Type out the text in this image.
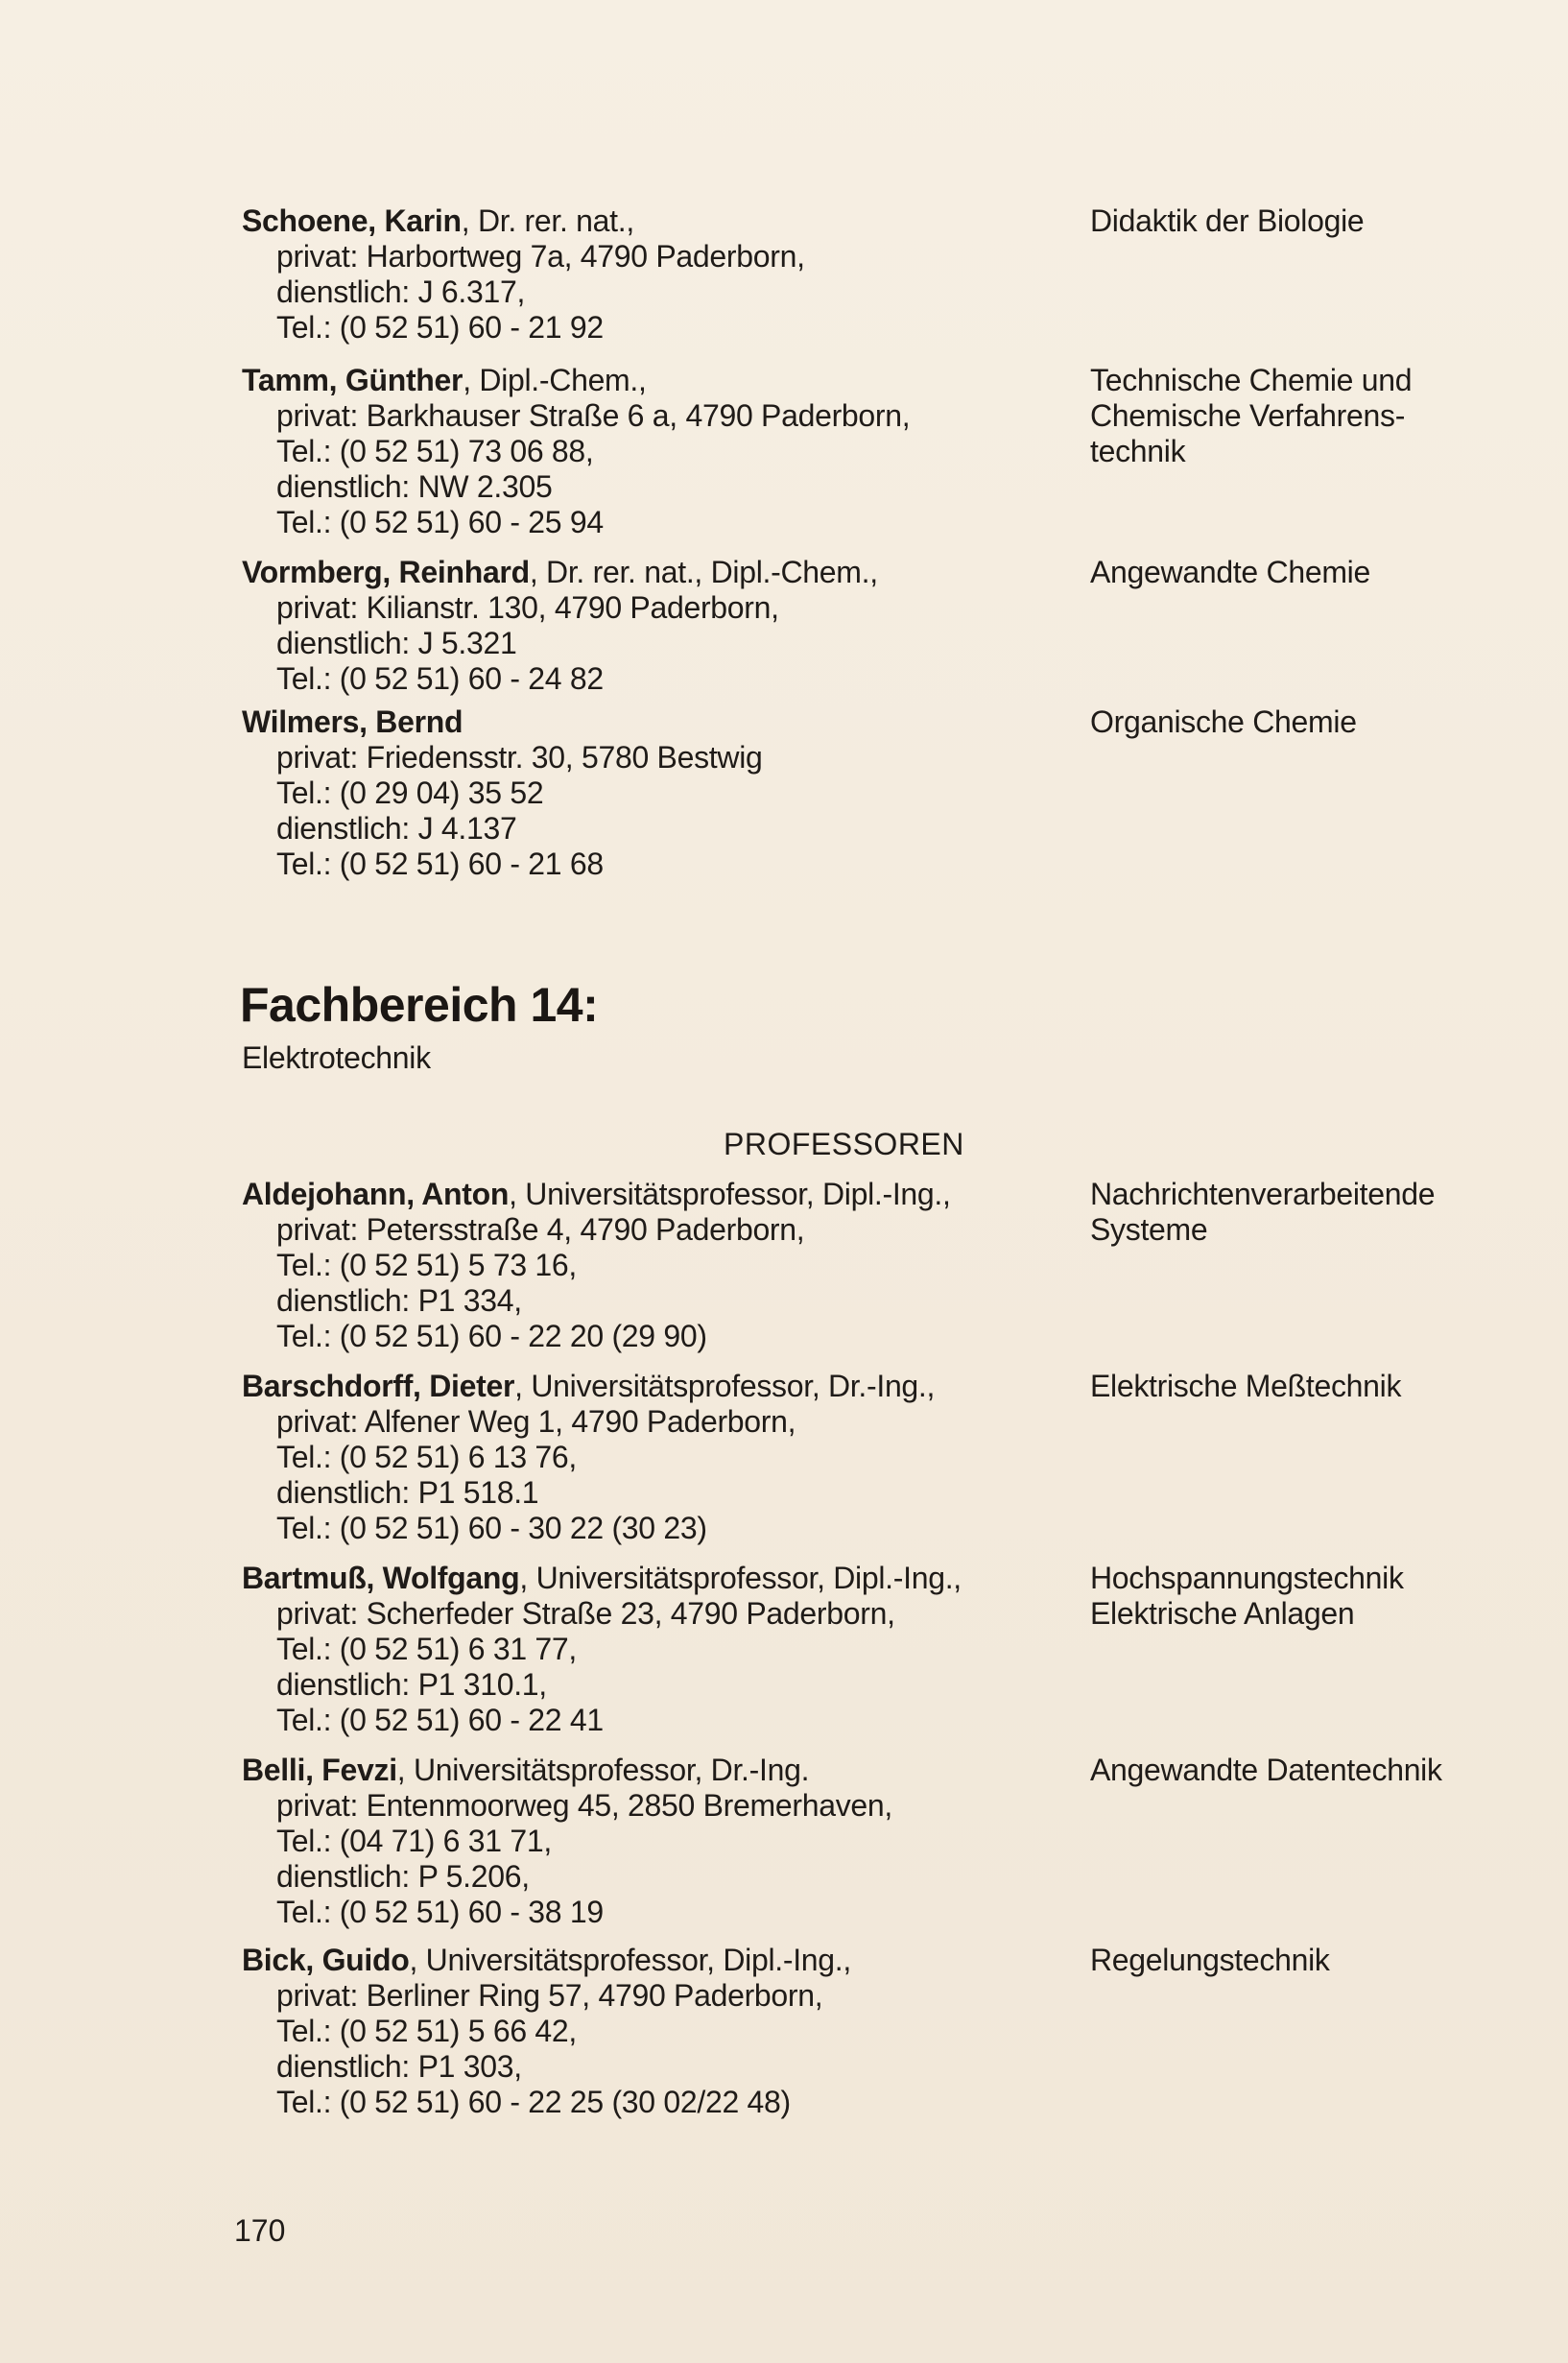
Schoene, Karin, Dr. rer. nat.,
privat: Harbortweg 7a, 4790 Paderborn,
dienstlich: J 6.317,
Tel.: (0 52 51) 60 - 21 92
Didaktik der Biologie
Tamm, Günther, Dipl.-Chem.,
privat: Barkhauser Straße 6 a, 4790 Paderborn,
Tel.: (0 52 51) 73 06 88,
dienstlich: NW 2.305
Tel.: (0 52 51) 60 - 25 94
Technische Chemie und
Chemische Verfahrens-
technik
Vormberg, Reinhard, Dr. rer. nat., Dipl.-Chem.,
privat: Kilianstr. 130, 4790 Paderborn,
dienstlich: J 5.321
Tel.: (0 52 51) 60 - 24 82
Angewandte Chemie
Wilmers, Bernd
privat: Friedensstr. 30, 5780 Bestwig
Tel.: (0 29 04) 35 52
dienstlich: J 4.137
Tel.: (0 52 51) 60 - 21 68
Organische Chemie
Fachbereich 14:
Elektrotechnik
PROFESSOREN
Aldejohann, Anton, Universitätsprofessor, Dipl.-Ing.,
privat: Petersstraße 4, 4790 Paderborn,
Tel.: (0 52 51) 5 73 16,
dienstlich: P1 334,
Tel.: (0 52 51) 60 - 22 20 (29 90)
Nachrichtenverarbeitende
Systeme
Barschdorff, Dieter, Universitätsprofessor, Dr.-Ing.,
privat: Alfener Weg 1, 4790 Paderborn,
Tel.: (0 52 51) 6 13 76,
dienstlich: P1 518.1
Tel.: (0 52 51) 60 - 30 22 (30 23)
Elektrische Meßtechnik
Bartmuß, Wolfgang, Universitätsprofessor, Dipl.-Ing.,
privat: Scherfeder Straße 23, 4790 Paderborn,
Tel.: (0 52 51) 6 31 77,
dienstlich: P1 310.1,
Tel.: (0 52 51) 60 - 22 41
Hochspannungstechnik
Elektrische Anlagen
Belli, Fevzi, Universitätsprofessor, Dr.-Ing.
privat: Entenmoorweg 45, 2850 Bremerhaven,
Tel.: (04 71) 6 31 71,
dienstlich: P 5.206,
Tel.: (0 52 51) 60 - 38 19
Angewandte Datentechnik
Bick, Guido, Universitätsprofessor, Dipl.-Ing.,
privat: Berliner Ring 57, 4790 Paderborn,
Tel.: (0 52 51) 5 66 42,
dienstlich: P1 303,
Tel.: (0 52 51) 60 - 22 25 (30 02/22 48)
Regelungstechnik
170
